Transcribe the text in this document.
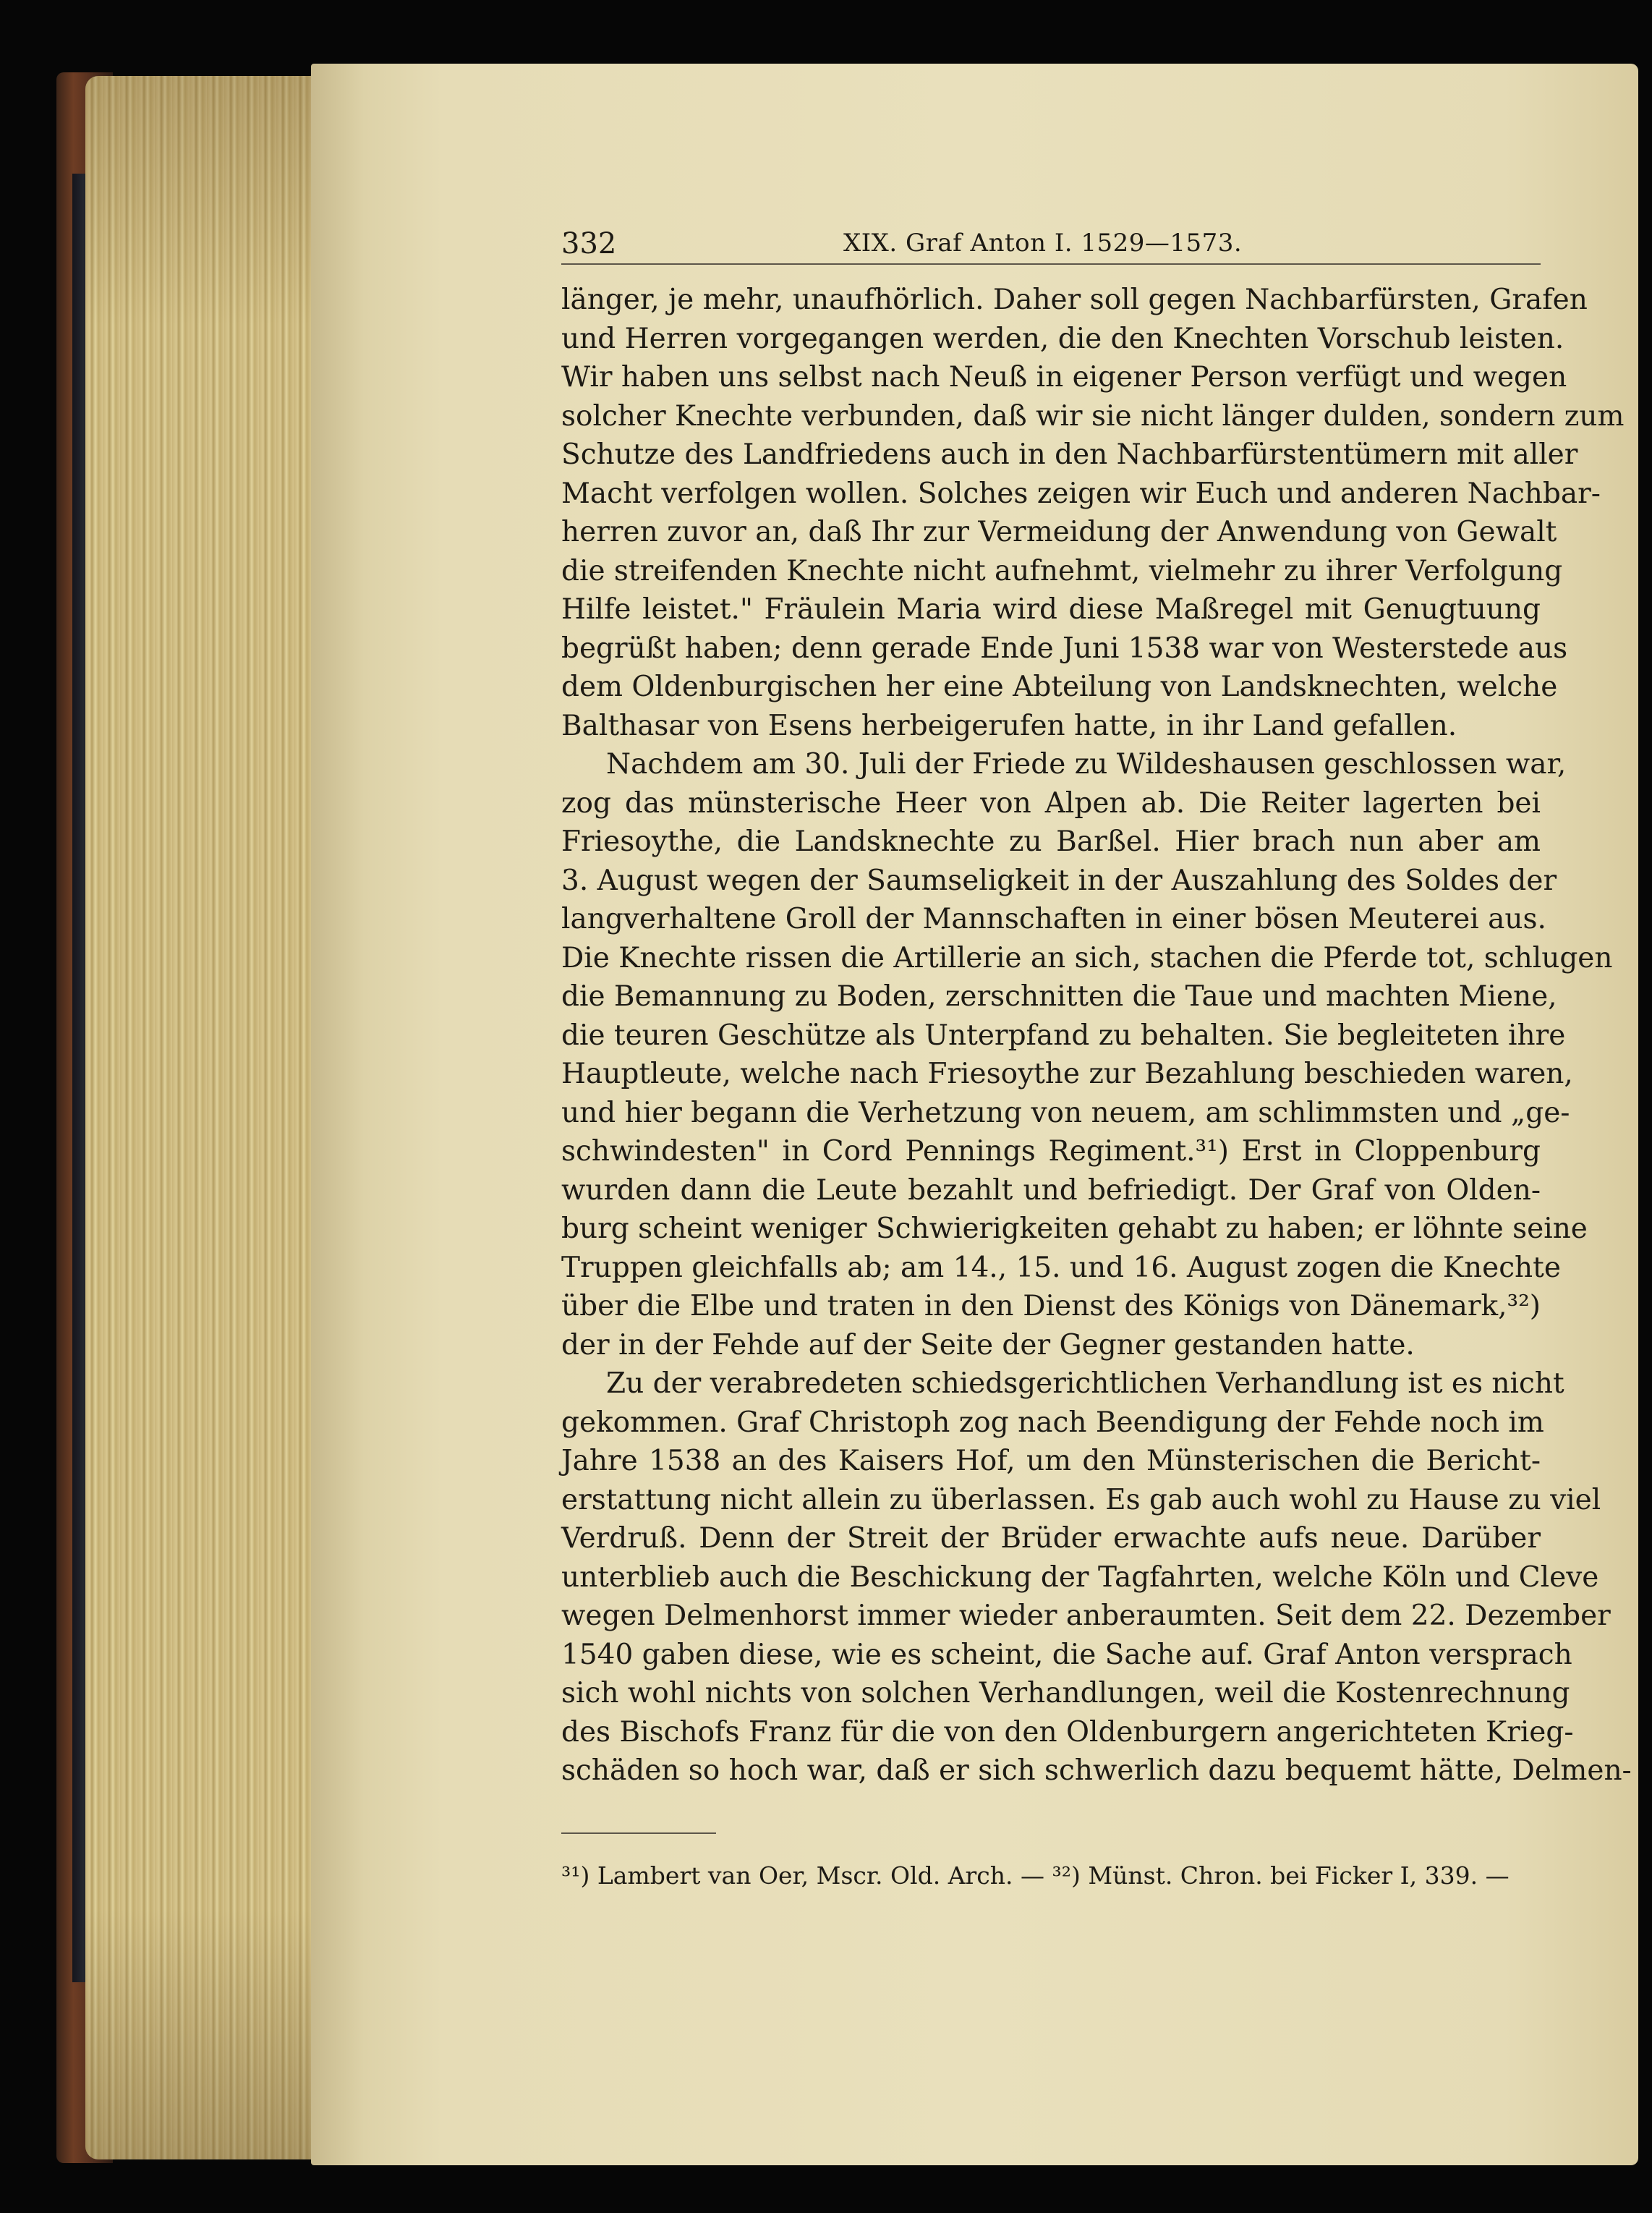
332	XIX. Graf Anton I. 1529—1573.
länger, je mehr, unaufhörlich. Daher soll gegen Nachbarfürsten, Grafen
und Herren vorgegangen werden, die den Knechten Vorschub leisten.
Wir haben uns selbst nach Neuß in eigener Person verfügt und wegen
solcher Knechte verbunden, daß wir sie nicht länger dulden, sondern zum
Schutze des Landfriedens auch in den Nachbarfürstentümern mit aller
Macht verfolgen wollen. Solches zeigen wir Euch und anderen Nachbar-
herren zuvor an, daß Ihr zur Vermeidung der Anwendung von Gewalt
die streifenden Knechte nicht aufnehmt, vielmehr zu ihrer Verfolgung
Hilfe leistet." Fräulein Maria wird diese Maßregel mit Genugtuung
begrüßt haben; denn gerade Ende Juni 1538 war von Westerstede aus
dem Oldenburgischen her eine Abteilung von Landsknechten, welche
Balthasar von Esens herbeigerufen hatte, in ihr Land gefallen.
Nachdem am 30. Juli der Friede zu Wildeshausen geschlossen war,
zog das münsterische Heer von Alpen ab. Die Reiter lagerten bei
Friesoythe, die Landsknechte zu Barßel. Hier brach nun aber am
3. August wegen der Saumseligkeit in der Auszahlung des Soldes der
langverhaltene Groll der Mannschaften in einer bösen Meuterei aus.
Die Knechte rissen die Artillerie an sich, stachen die Pferde tot, schlugen
die Bemannung zu Boden, zerschnitten die Taue und machten Miene,
die teuren Geschütze als Unterpfand zu behalten. Sie begleiteten ihre
Hauptleute, welche nach Friesoythe zur Bezahlung beschieden waren,
und hier begann die Verhetzung von neuem, am schlimmsten und „ge-
schwindesten" in Cord Pennings Regiment.³¹) Erst in Cloppenburg
wurden dann die Leute bezahlt und befriedigt. Der Graf von Olden-
burg scheint weniger Schwierigkeiten gehabt zu haben; er löhnte seine
Truppen gleichfalls ab; am 14., 15. und 16. August zogen die Knechte
über die Elbe und traten in den Dienst des Königs von Dänemark,³²)
der in der Fehde auf der Seite der Gegner gestanden hatte.
Zu der verabredeten schiedsgerichtlichen Verhandlung ist es nicht
gekommen. Graf Christoph zog nach Beendigung der Fehde noch im
Jahre 1538 an des Kaisers Hof, um den Münsterischen die Bericht-
erstattung nicht allein zu überlassen. Es gab auch wohl zu Hause zu viel
Verdruß. Denn der Streit der Brüder erwachte aufs neue. Darüber
unterblieb auch die Beschickung der Tagfahrten, welche Köln und Cleve
wegen Delmenhorst immer wieder anberaumten. Seit dem 22. Dezember
1540 gaben diese, wie es scheint, die Sache auf. Graf Anton versprach
sich wohl nichts von solchen Verhandlungen, weil die Kostenrechnung
des Bischofs Franz für die von den Oldenburgern angerichteten Krieg-
schäden so hoch war, daß er sich schwerlich dazu bequemt hätte, Delmen-
³¹) Lambert van Oer, Mscr. Old. Arch. — ³²) Münst. Chron. bei Ficker I, 339. —
